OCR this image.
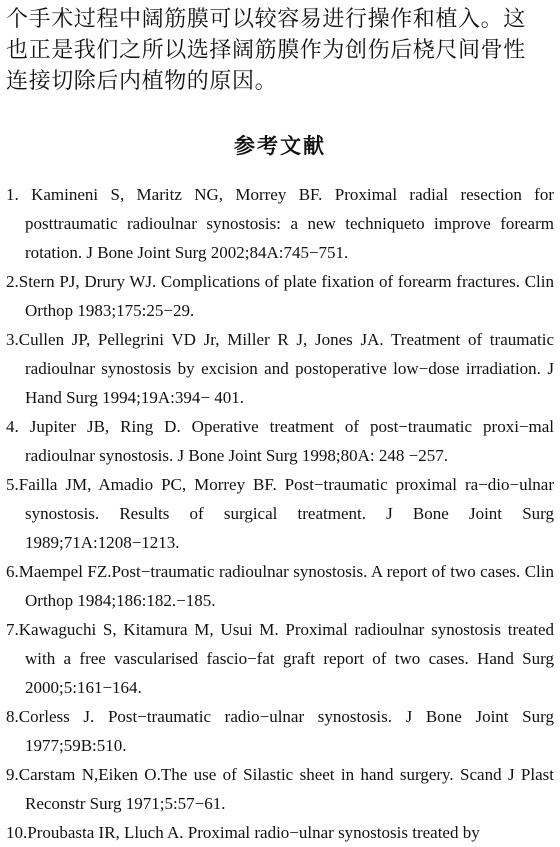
个手术过程中阔筋膜可以较容易进行操作和植入。这

也正是我们之所以选择阔筋膜作为创伤后桡尺间骨性

连接切除后内植物的原因。

参考文献
1. Kamineni S, Maritz NG, Morrey BF. Proximal radial resection for posttraumatic radioulnar synostosis: a new techniqueto improve forearm rotation. J Bone Joint Surg 2002;84A:745−751.
2.Stern PJ, Drury WJ. Complications of plate fixation of forearm fractures. Clin Orthop 1983;175:25−29.
3.Cullen JP, Pellegrini VD Jr, Miller R J, Jones JA. Treatment of traumatic radioulnar synostosis by excision and postoperative low−dose irradiation. J Hand Surg 1994;19A:394− 401.
4. Jupiter JB, Ring D. Operative treatment of post−traumatic proxi−mal radioulnar synostosis. J Bone Joint Surg 1998;80A: 248 −257.
5.Failla JM, Amadio PC, Morrey BF. Post−traumatic proximal ra−dio−ulnar synostosis. Results of surgical treatment. J Bone Joint Surg 1989;71A:1208−1213.
6.Maempel FZ.Post−traumatic radioulnar synostosis. A report of two cases. Clin Orthop 1984;186:182.−185.
7.Kawaguchi S, Kitamura M, Usui M. Proximal radioulnar synostosis treated with a free vascularised fascio−fat graft report of two cases. Hand Surg 2000;5:161−164.
8.Corless J. Post−traumatic radio−ulnar synostosis. J Bone Joint Surg 1977;59B:510.
9.Carstam N,Eiken O.The use of Silastic sheet in hand surgery. Scand J Plast Reconstr Surg 1971;5:57−61.
10.Proubasta IR, Lluch A. Proximal radio−ulnar synostosis treated by
